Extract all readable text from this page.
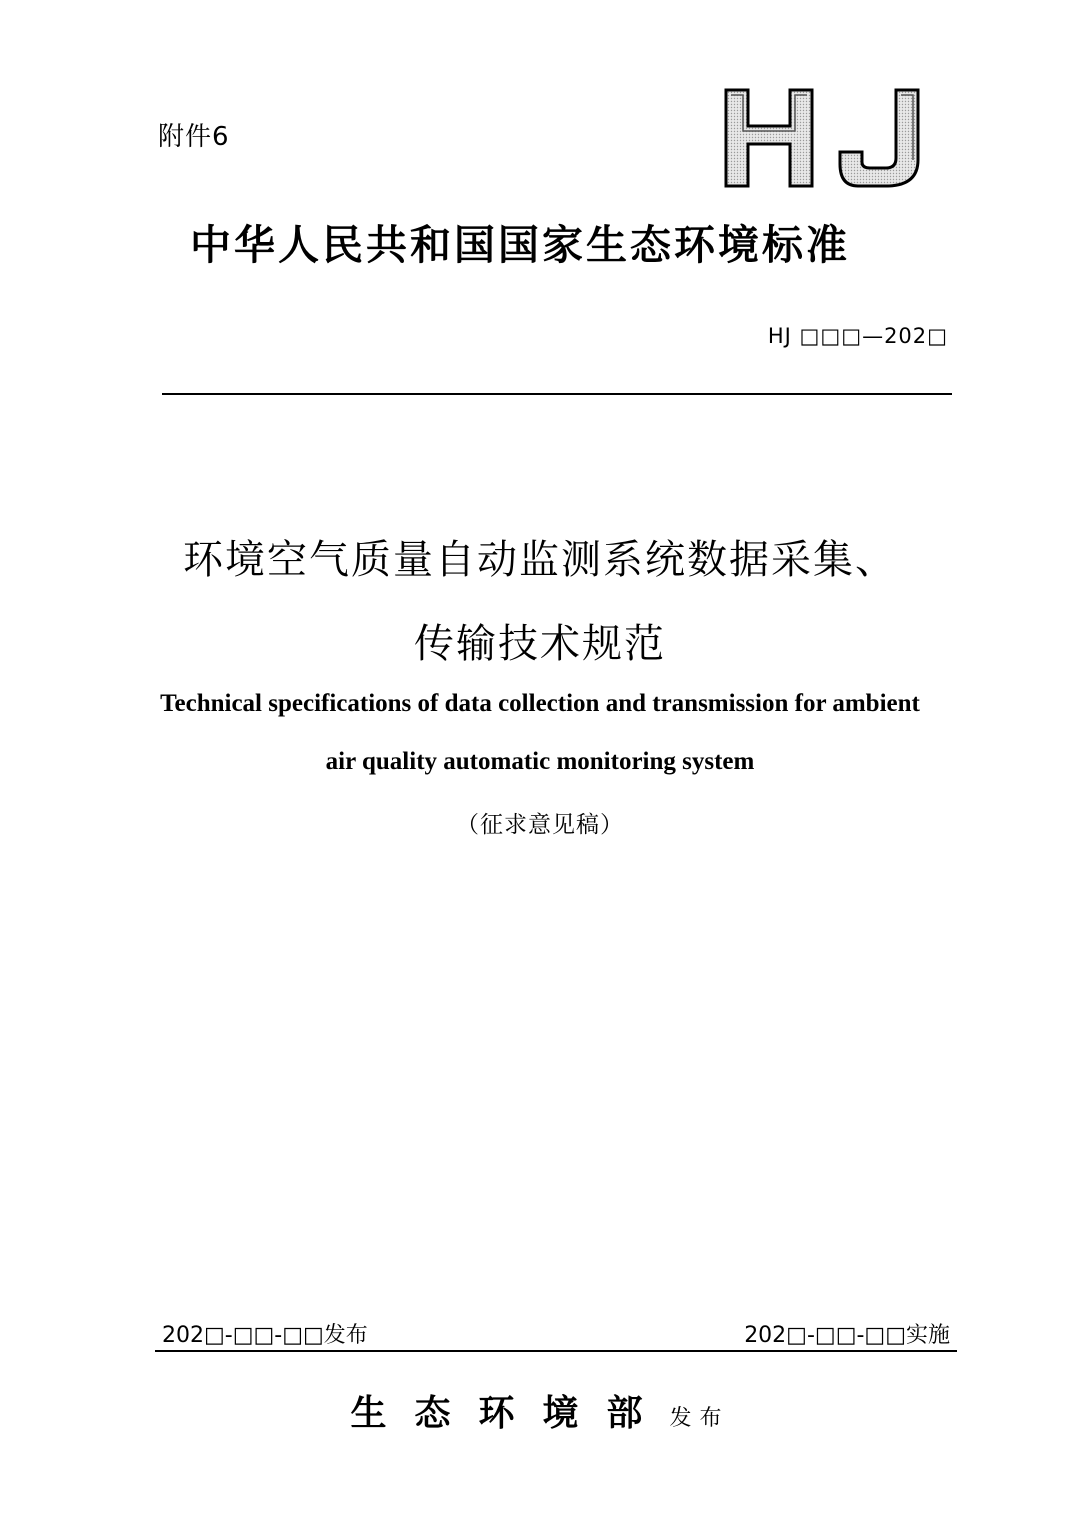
附件6
中华人民共和国国家生态环境标准
HJ □□□—202□
环境空气质量自动监测系统数据采集、
传输技术规范
Technical specifications of data collection and transmission for ambient
air quality automatic monitoring system
（征求意见稿）
202□-□□-□□发布	202□-□□-□□实施
生态环境部 发布
